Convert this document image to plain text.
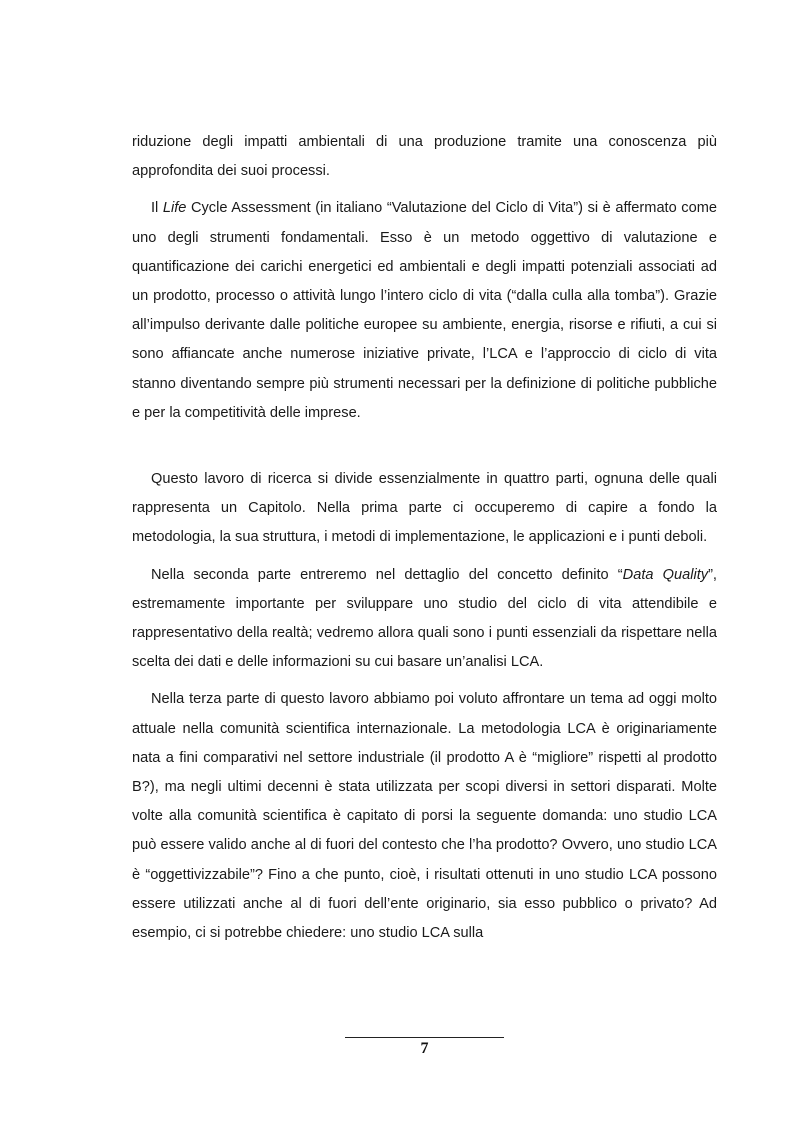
riduzione degli impatti ambientali di una produzione tramite una conoscenza più approfondita dei suoi processi.

Il Life Cycle Assessment (in italiano “Valutazione del Ciclo di Vita”) si è affermato come uno degli strumenti fondamentali. Esso è un metodo oggettivo di valutazione e quantificazione dei carichi energetici ed ambientali e degli impatti potenziali associati ad un prodotto, processo o attività lungo l’intero ciclo di vita (“dalla culla alla tomba”). Grazie all’impulso derivante dalle politiche europee su ambiente, energia, risorse e rifiuti, a cui si sono affiancate anche numerose iniziative private, l’LCA e l’approccio di ciclo di vita stanno diventando sempre più strumenti necessari per la definizione di politiche pubbliche e per la competitività delle imprese.

Questo lavoro di ricerca si divide essenzialmente in quattro parti, ognuna delle quali rappresenta un Capitolo. Nella prima parte ci occuperemo di capire a fondo la metodologia, la sua struttura, i metodi di implementazione, le applicazioni e i punti deboli.

Nella seconda parte entreremo nel dettaglio del concetto definito “Data Quality”, estremamente importante per sviluppare uno studio del ciclo di vita attendibile e rappresentativo della realtà; vedremo allora quali sono i punti essenziali da rispettare nella scelta dei dati e delle informazioni su cui basare un’analisi LCA.

Nella terza parte di questo lavoro abbiamo poi voluto affrontare un tema ad oggi molto attuale nella comunità scientifica internazionale. La metodologia LCA è originariamente nata a fini comparativi nel settore industriale (il prodotto A è “migliore” rispetti al prodotto B?), ma negli ultimi decenni è stata utilizzata per scopi diversi in settori disparati. Molte volte alla comunità scientifica è capitato di porsi la seguente domanda: uno studio LCA può essere valido anche al di fuori del contesto che l’ha prodotto? Ovvero, uno studio LCA è “oggettivizzabile”? Fino a che punto, cioè, i risultati ottenuti in uno studio LCA possono essere utilizzati anche al di fuori dell’ente originario, sia esso pubblico o privato? Ad esempio, ci si potrebbe chiedere: uno studio LCA sulla

7
